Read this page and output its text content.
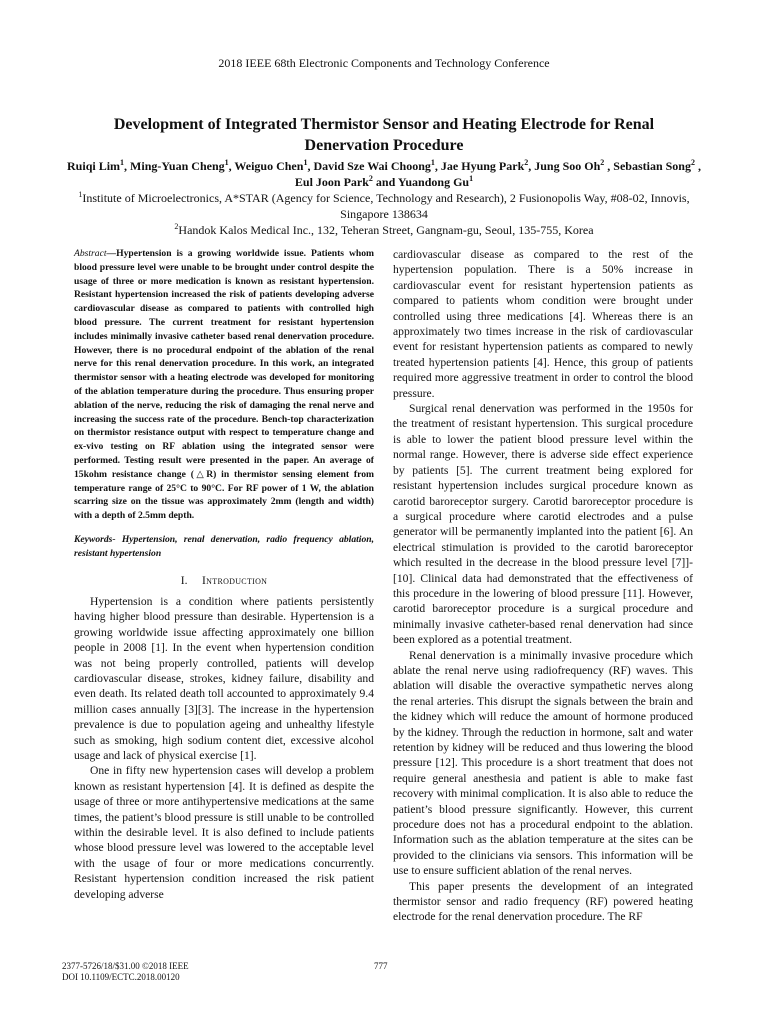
2018 IEEE 68th Electronic Components and Technology Conference
Development of Integrated Thermistor Sensor and Heating Electrode for Renal Denervation Procedure
Ruiqi Lim$^1$, Ming-Yuan Cheng$^1$, Weiguo Chen$^1$, David Sze Wai Choong$^1$, Jae Hyung Park$^2$, Jung Soo Oh$^2$ , Sebastian Song$^2$ , Eul Joon Park$^2$ and Yuandong Gu$^1$
$^1$Institute of Microelectronics, A*STAR (Agency for Science, Technology and Research), 2 Fusionopolis Way, #08-02, Innovis, Singapore 138634
$^2$Handok Kalos Medical Inc., 132, Teheran Street, Gangnam-gu, Seoul, 135-755, Korea

Abstract—Hypertension is a growing worldwide issue. Patients whom blood pressure level were unable to be brought under control despite the usage of three or more medication is known as resistant hypertension. Resistant hypertension increased the risk of patients developing adverse cardiovascular disease as compared to patients with controlled high blood pressure. The current treatment for resistant hypertension includes minimally invasive catheter based renal denervation procedure. However, there is no procedural endpoint of the ablation of the renal nerve for this renal denervation procedure. In this work, an integrated thermistor sensor with a heating electrode was developed for monitoring of the ablation temperature during the procedure. Thus ensuring proper ablation of the nerve, reducing the risk of damaging the renal nerve and increasing the success rate of the procedure. Bench-top characterization on thermistor resistance output with respect to temperature change and ex-vivo testing on RF ablation using the integrated sensor were performed. Testing result were presented in the paper. An average of 15kohm resistance change (△R) in thermistor sensing element from temperature range of 25°C to 90°C. For RF power of 1 W, the ablation scarring size on the tissue was approximately 2mm (length and width) with a depth of 2.5mm depth.

Keywords- Hypertension, renal denervation, radio frequency ablation, resistant hypertension

I. Introduction

Hypertension is a condition where patients persistently having higher blood pressure than desirable. Hypertension is a growing worldwide issue affecting approximately one billion people in 2008 [1]. In the event when hypertension condition was not being properly controlled, patients will develop cardiovascular disease, strokes, kidney failure, disability and even death. Its related death toll accounted to approximately 9.4 million cases annually [3][3]. The increase in the hypertension prevalence is due to population ageing and unhealthy lifestyle such as smoking, high sodium content diet, excessive alcohol usage and lack of physical exercise [1].

One in fifty new hypertension cases will develop a problem known as resistant hypertension [4]. It is defined as despite the usage of three or more antihypertensive medications at the same times, the patient’s blood pressure is still unable to be controlled within the desirable level. It is also defined to include patients whose blood pressure level was lowered to the acceptable level with the usage of four or more medications concurrently. Resistant hypertension condition increased the risk patient developing adverse

cardiovascular disease as compared to the rest of the hypertension population. There is a 50% increase in cardiovascular event for resistant hypertension patients as compared to patients whom condition were brought under controlled using three medications [4]. Whereas there is an approximately two times increase in the risk of cardiovascular event for resistant hypertension patients as compared to newly treated hypertension patients [4]. Hence, this group of patients required more aggressive treatment in order to control the blood pressure.

Surgical renal denervation was performed in the 1950s for the treatment of resistant hypertension. This surgical procedure is able to lower the patient blood pressure level within the normal range. However, there is adverse side effect experience by patients [5]. The current treatment being explored for resistant hypertension includes surgical procedure known as carotid baroreceptor surgery. Carotid baroreceptor procedure is a surgical procedure where carotid electrodes and a pulse generator will be permanently implanted into the patient [6]. An electrical stimulation is provided to the carotid baroreceptor which resulted in the decrease in the blood pressure level [7]]-[10]. Clinical data had demonstrated that the effectiveness of this procedure in the lowering of blood pressure [11]. However, carotid baroreceptor procedure is a surgical procedure and minimally invasive catheter-based renal denervation had since been explored as a potential treatment.

Renal denervation is a minimally invasive procedure which ablate the renal nerve using radiofrequency (RF) waves. This ablation will disable the overactive sympathetic nerves along the renal arteries. This disrupt the signals between the brain and the kidney which will reduce the amount of hormone produced by the kidney. Through the reduction in hormone, salt and water retention by kidney will be reduced and thus lowering the blood pressure [12]. This procedure is a short treatment that does not require general anesthesia and patient is able to make fast recovery with minimal complication. It is also able to reduce the patient’s blood pressure significantly. However, this current procedure does not has a procedural endpoint to the ablation. Information such as the ablation temperature at the sites can be provided to the clinicians via sensors. This information will be use to ensure sufficient ablation of the renal nerves.

This paper presents the development of an integrated thermistor sensor and radio frequency (RF) powered heating electrode for the renal denervation procedure. The RF

2377-5726/18/$31.00 ©2018 IEEE
DOI 10.1109/ECTC.2018.00120
777
